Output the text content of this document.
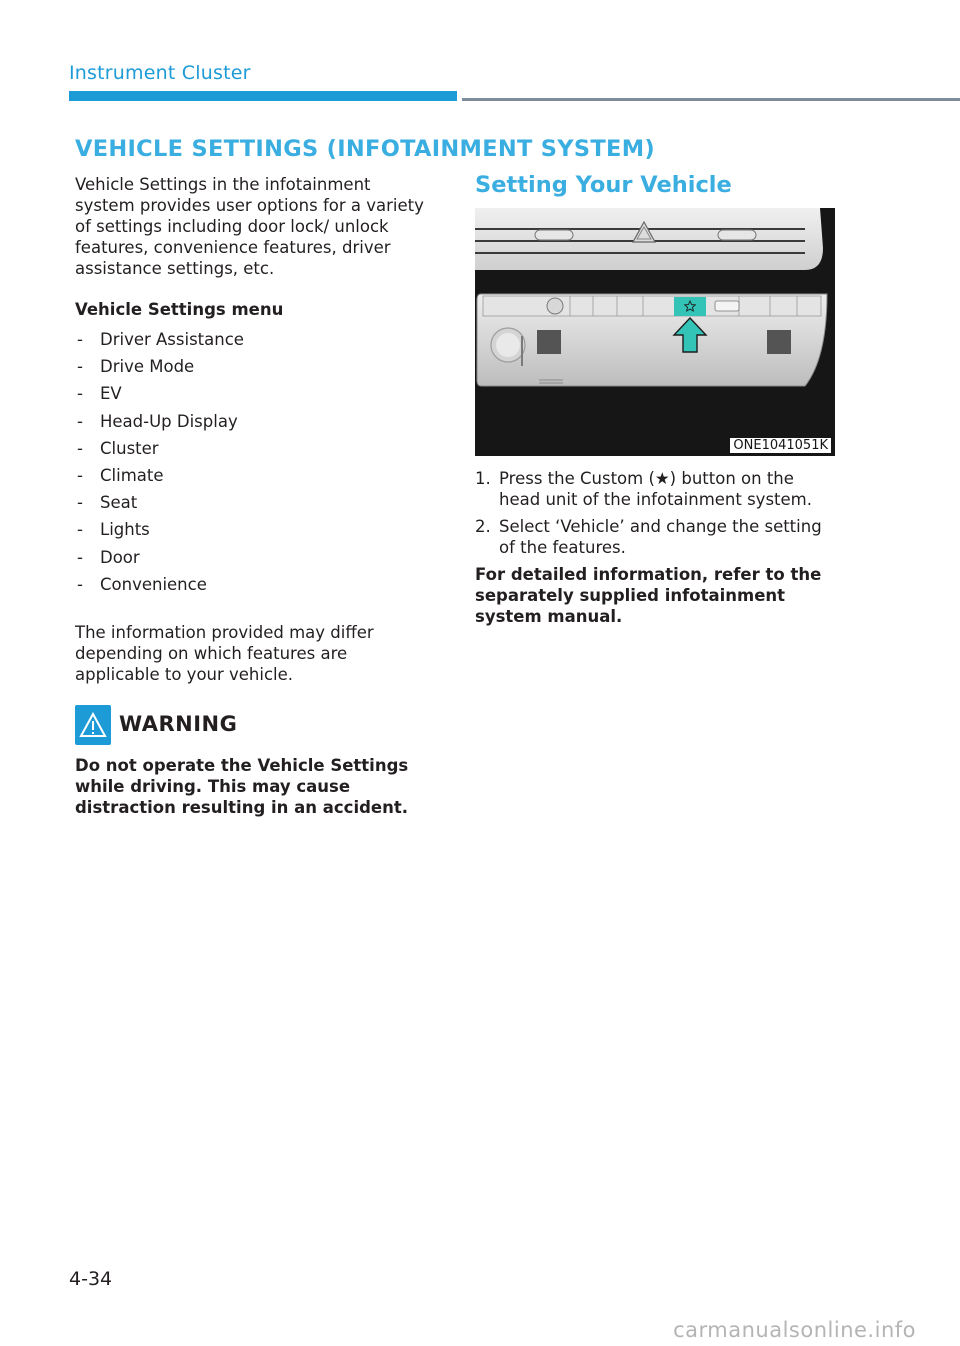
Instrument Cluster
VEHICLE SETTINGS (INFOTAINMENT SYSTEM)

Vehicle Settings in the infotainment system provides user options for a variety of settings including door lock/ unlock features, convenience features, driver assistance settings, etc.

Vehicle Settings menu

- Driver Assistance
- Drive Mode
- EV
- Head-Up Display
- Cluster
- Climate
- Seat
- Lights
- Door
- Convenience

The information provided may differ depending on which features are applicable to your vehicle.

WARNING

Do not operate the Vehicle Settings while driving. This may cause distraction resulting in an accident.

Setting Your Vehicle
ONE1041051K
1. Press the Custom (★) button on the head unit of the infotainment system.
2. Select ‘Vehicle’ and change the setting of the features.

For detailed information, refer to the separately supplied infotainment system manual.

4-34
carmanualsonline.info
